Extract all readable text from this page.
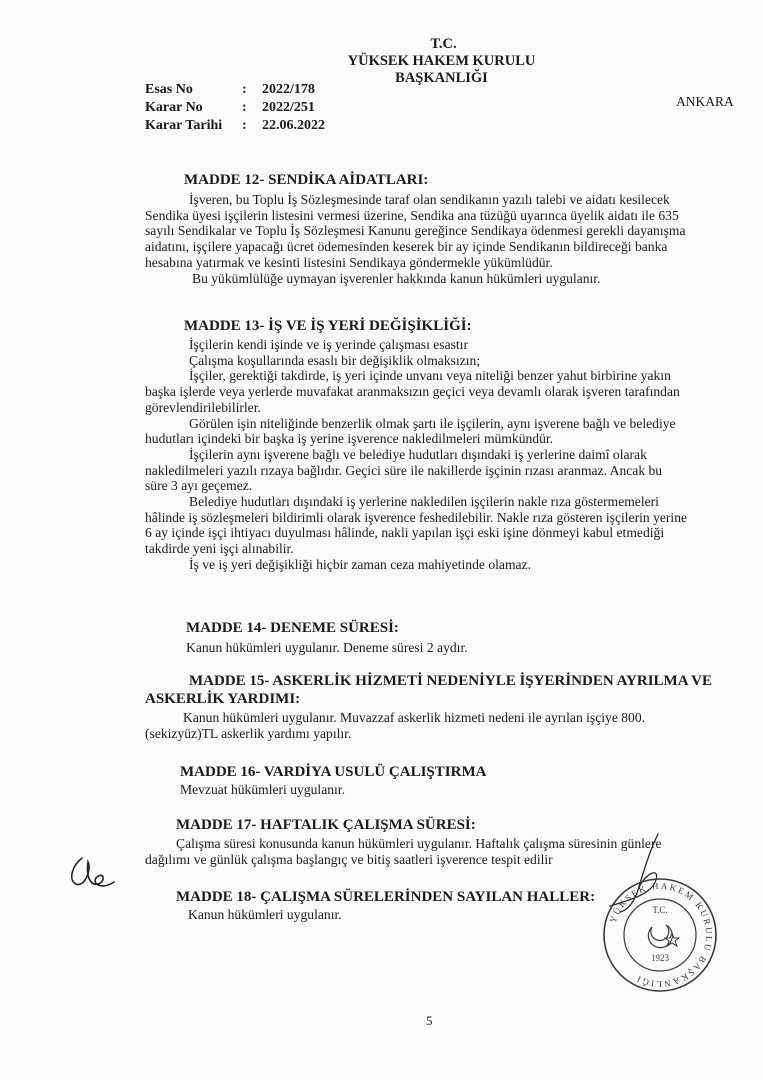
T.C.
YÜKSEK HAKEM KURULU
BAŞKANLIĞI
ANKARA
Esas No	: 2022/178
Karar No	: 2022/251
Karar Tarihi : 22.06.2022
MADDE 12- SENDİKA AİDATLARI:

İşveren, bu Toplu İş Sözleşmesinde taraf olan sendikanın yazılı talebi ve aidatı kesilecek

Sendika üyesi işçilerin listesini vermesi üzerine, Sendika ana tüzüğü uyarınca üyelik aidatı ile 635

sayılı Sendikalar ve Toplu İş Sözleşmesi Kanunu gereğince Sendikaya ödenmesi gerekli dayanışma

aidatını, işçilere yapacağı ücret ödemesinden keserek bir ay içinde Sendikanın bildireceği banka

hesabına yatırmak ve kesinti listesini Sendikaya göndermekle yükümlüdür.

Bu yükümlülüğe uymayan işverenler hakkında kanun hükümleri uygulanır.

MADDE 13- İŞ VE İŞ YERİ DEĞİŞİKLİĞİ:

İşçilerin kendi işinde ve iş yerinde çalışması esastır

Çalışma koşullarında esaslı bir değişiklik olmaksızın;

İşçiler, gerektiği takdirde, iş yeri içinde unvanı veya niteliği benzer yahut birbirine yakın

başka işlerde veya yerlerde muvafakat aranmaksızın geçici veya devamlı olarak işveren tarafından

görevlendirilebilirler.

Görülen işin niteliğinde benzerlik olmak şartı ile işçilerin, aynı işverene bağlı ve belediye

hudutları içindeki bir başka iş yerine işverence nakledilmeleri mümkündür.

İşçilerin aynı işverene bağlı ve belediye hudutları dışındaki iş yerlerine daimî olarak

nakledilmeleri yazılı rızaya bağlıdır. Geçici süre ile nakillerde işçinin rızası aranmaz. Ancak bu

süre 3 ayı geçemez.

Belediye hudutları dışındaki iş yerlerine nakledilen işçilerin nakle rıza göstermemeleri

hâlinde iş sözleşmeleri bildirimli olarak işverence feshedilebilir. Nakle rıza gösteren işçilerin yerine

6 ay içinde işçi ihtiyacı duyulması hâlinde, nakli yapılan işçi eski işine dönmeyi kabul etmediği

takdirde yeni işçi alınabilir.

İş ve iş yeri değişikliği hiçbir zaman ceza mahiyetinde olamaz.

MADDE 14- DENEME SÜRESİ:

Kanun hükümleri uygulanır. Deneme süresi 2 aydır.

MADDE 15- ASKERLİK HİZMETİ NEDENİYLE İŞYERİNDEN AYRILMA VE
ASKERLİK YARDIMI:

Kanun hükümleri uygulanır. Muvazzaf askerlik hizmeti nedeni ile ayrılan işçiye 800.

(sekizyüz)TL askerlik yardımı yapılır.

MADDE 16- VARDİYA USULÜ ÇALIŞTIRMA

Mevzuat hükümleri uygulanır.

MADDE 17- HAFTALIK ÇALIŞMA SÜRESİ:

Çalışma süresi konusunda kanun hükümleri uygulanır. Haftalık çalışma süresinin günlere

dağılımı ve günlük çalışma başlangıç ve bitiş saatleri işverence tespit edilir

MADDE 18- ÇALIŞMA SÜRELERİNDEN SAYILAN HALLER:

Kanun hükümleri uygulanır.	YÜKSEK HAKEM KURULU BAŞKANLIĞI
T.C.
1923
5
